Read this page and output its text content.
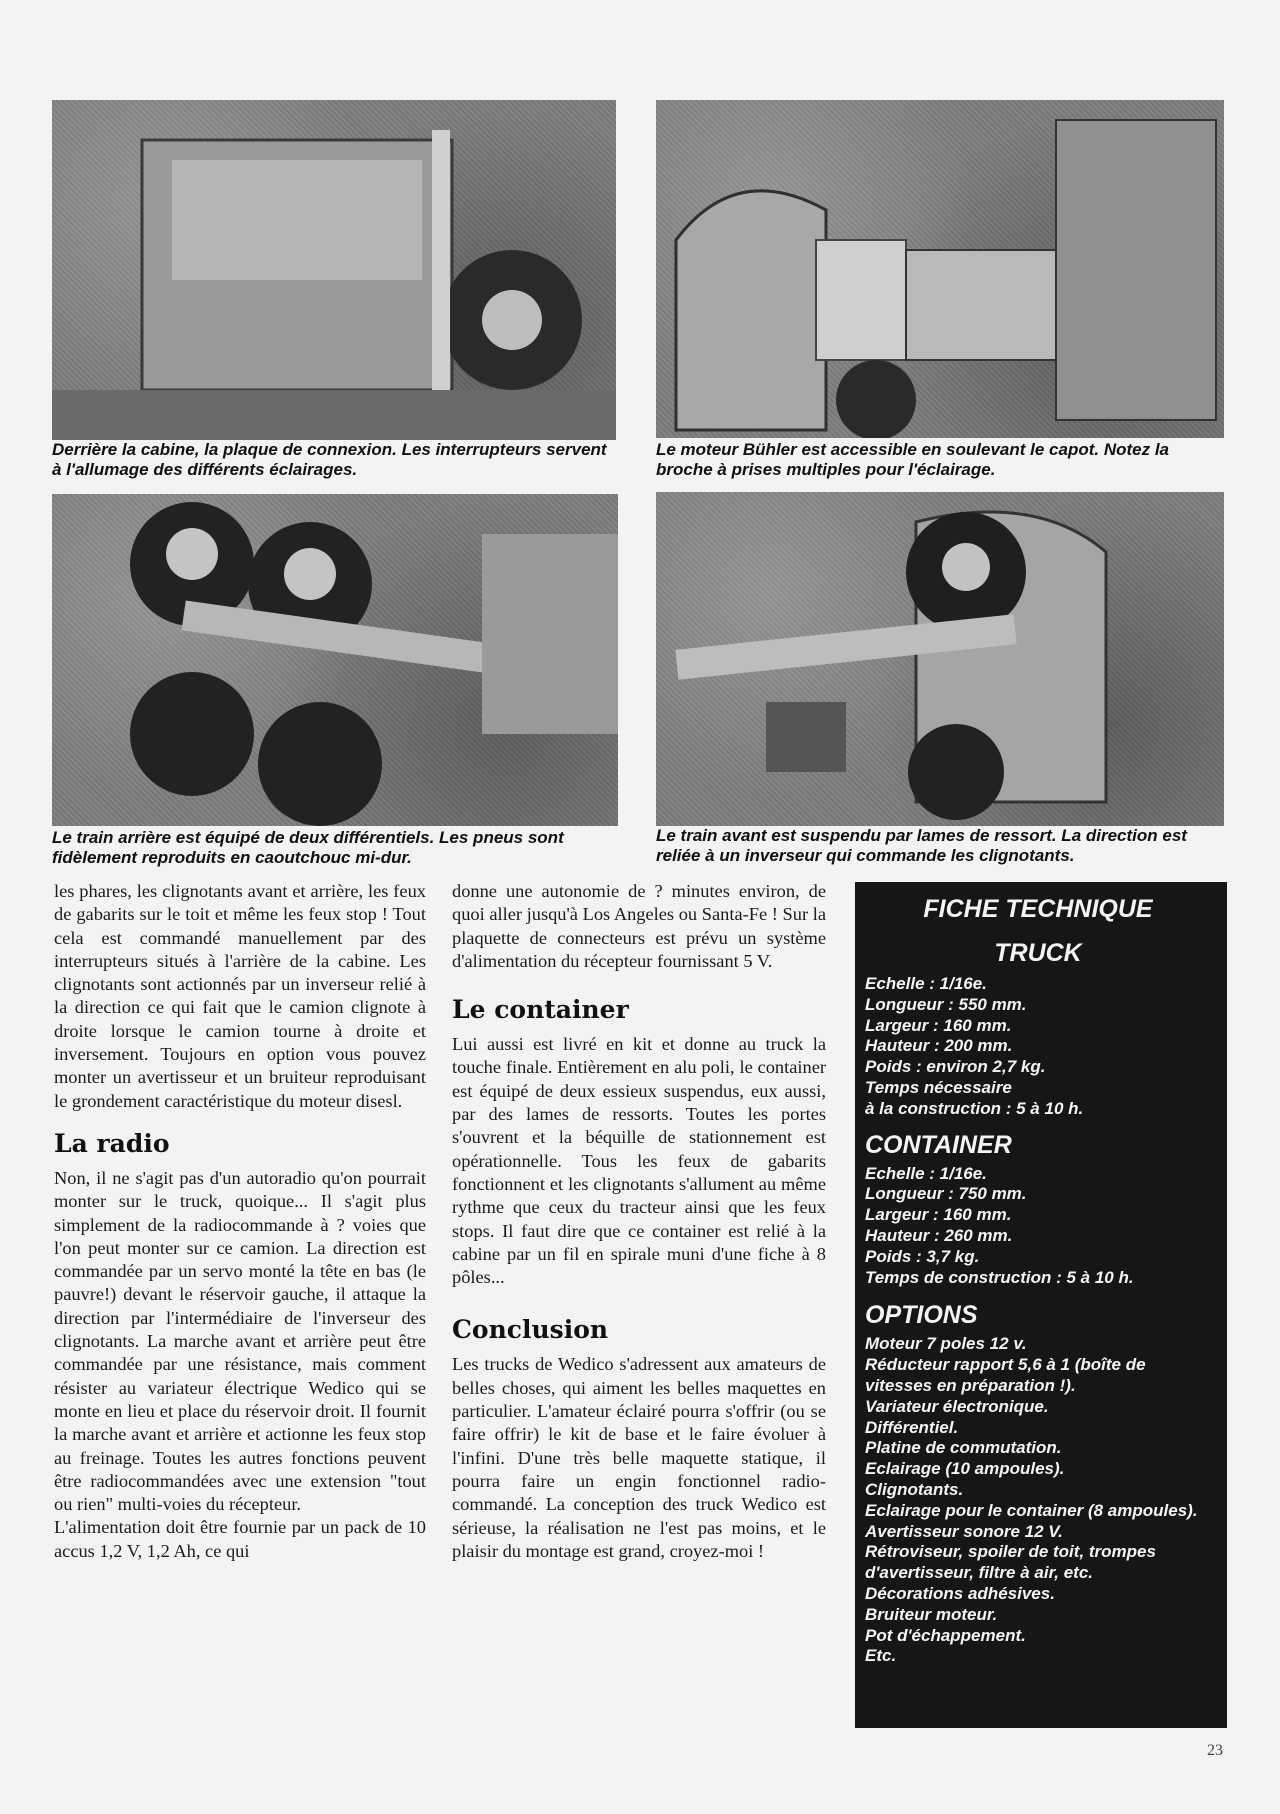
Derrière la cabine, la plaque de connexion. Les interrupteurs servent à l'allumage des différents éclairages.

Le moteur Bühler est accessible en soulevant le capot. Notez la broche à prises multiples pour l'éclairage.

Le train arrière est équipé de deux différentiels. Les pneus sont fidèlement reproduits en caoutchouc mi-dur.

Le train avant est suspendu par lames de ressort. La direction est reliée à un inverseur qui commande les clignotants.

les phares, les clignotants avant et arrière, les feux de gabarits sur le toit et même les feux stop ! Tout cela est commandé manuellement par des interrupteurs situés à l'arrière de la cabine. Les clignotants sont actionnés par un inverseur relié à la direction ce qui fait que le camion clignote à droite lorsque le camion tourne à droite et inversement. Toujours en option vous pouvez monter un avertisseur et un bruiteur reproduisant le grondement caractéristique du moteur disesl.

La radio

Non, il ne s'agit pas d'un autoradio qu'on pourrait monter sur le truck, quoique... Il s'agit plus simplement de la radiocommande à ? voies que l'on peut monter sur ce camion. La direction est commandée par un servo monté la tête en bas (le pauvre!) devant le réservoir gauche, il attaque la direction par l'intermédiaire de l'inverseur des clignotants. La marche avant et arrière peut être commandée par une résistance, mais comment résister au variateur électrique Wedico qui se monte en lieu et place du réservoir droit. Il fournit la marche avant et arrière et actionne les feux stop au freinage. Toutes les autres fonctions peuvent être radiocommandées avec une extension "tout ou rien" multi-voies du récepteur.

L'alimentation doit être fournie par un pack de 10 accus 1,2 V, 1,2 Ah, ce qui

donne une autonomie de ? minutes environ, de quoi aller jusqu'à Los Angeles ou Santa-Fe ! Sur la plaquette de connecteurs est prévu un système d'alimentation du récepteur fournissant 5 V.

Le container

Lui aussi est livré en kit et donne au truck la touche finale. Entièrement en alu poli, le container est équipé de deux essieux suspendus, eux aussi, par des lames de ressorts. Toutes les portes s'ouvrent et la béquille de stationnement est opérationnelle. Tous les feux de gabarits fonctionnent et les clignotants s'allument au même rythme que ceux du tracteur ainsi que les feux stops. Il faut dire que ce container est relié à la cabine par un fil en spirale muni d'une fiche à 8 pôles...

Conclusion

Les trucks de Wedico s'adressent aux amateurs de belles choses, qui aiment les belles maquettes en particulier. L'amateur éclairé pourra s'offrir (ou se faire offrir) le kit de base et le faire évoluer à l'infini. D'une très belle maquette statique, il pourra faire un engin fonctionnel radio-commandé. La conception des truck Wedico est sérieuse, la réalisation ne l'est pas moins, et le plaisir du montage est grand, croyez-moi !

FICHE TECHNIQUE
TRUCK
Echelle : 1/16e.
Longueur : 550 mm.
Largeur : 160 mm.
Hauteur : 200 mm.
Poids : environ 2,7 kg.
Temps nécessaire
à la construction : 5 à 10 h.
CONTAINER
Echelle : 1/16e.
Longueur : 750 mm.
Largeur : 160 mm.
Hauteur : 260 mm.
Poids : 3,7 kg.
Temps de construction : 5 à 10 h.
OPTIONS
Moteur 7 poles 12 v.
Réducteur rapport 5,6 à 1 (boîte de vitesses en préparation !).
Variateur électronique.
Différentiel.
Platine de commutation.
Eclairage (10 ampoules).
Clignotants.
Eclairage pour le container (8 ampoules).
Avertisseur sonore 12 V.
Rétroviseur, spoiler de toit, trompes d'avertisseur, filtre à air, etc.
Décorations adhésives.
Bruiteur moteur.
Pot d'échappement.
Etc.
23
